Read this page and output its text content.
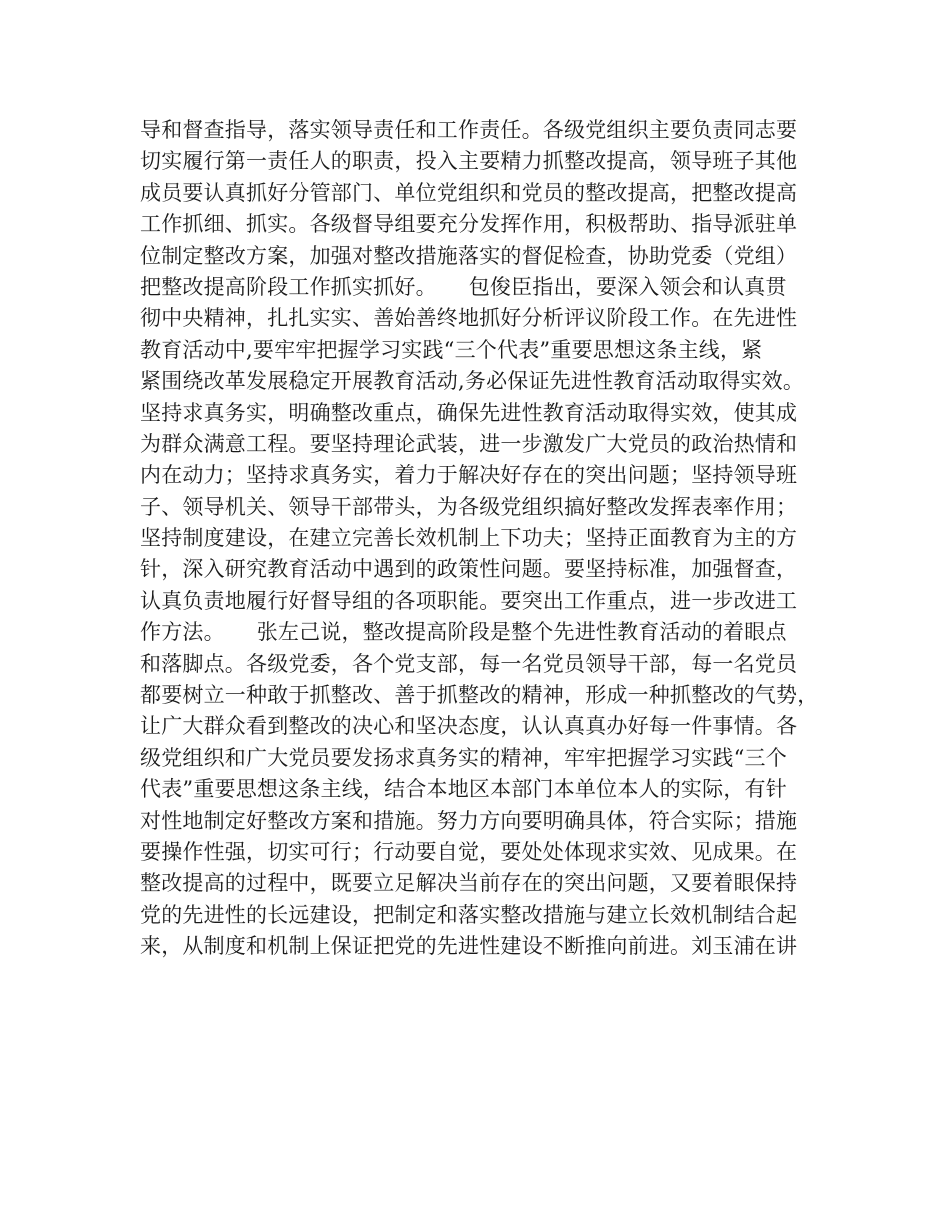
导和督查指导，落实领导责任和工作责任。各级党组织主要负责同志要
切实履行第一责任人的职责，投入主要精力抓整改提高，领导班子其他
成员要认真抓好分管部门、单位党组织和党员的整改提高，把整改提高
工作抓细、抓实。各级督导组要充分发挥作用，积极帮助、指导派驻单
位制定整改方案，加强对整改措施落实的督促检查，协助党委（党组）
把整改提高阶段工作抓实抓好。　　包俊臣指出，要深入领会和认真贯
彻中央精神，扎扎实实、善始善终地抓好分析评议阶段工作。在先进性
教育活动中,要牢牢把握学习实践“三个代表”重要思想这条主线，紧
紧围绕改革发展稳定开展教育活动,务必保证先进性教育活动取得实效。
坚持求真务实，明确整改重点，确保先进性教育活动取得实效，使其成
为群众满意工程。要坚持理论武装，进一步激发广大党员的政治热情和
内在动力；坚持求真务实，着力于解决好存在的突出问题；坚持领导班
子、领导机关、领导干部带头，为各级党组织搞好整改发挥表率作用；
坚持制度建设，在建立完善长效机制上下功夫；坚持正面教育为主的方
针，深入研究教育活动中遇到的政策性问题。要坚持标准，加强督查，
认真负责地履行好督导组的各项职能。要突出工作重点，进一步改进工
作方法。　　张左己说，整改提高阶段是整个先进性教育活动的着眼点
和落脚点。各级党委，各个党支部，每一名党员领导干部，每一名党员
都要树立一种敢于抓整改、善于抓整改的精神，形成一种抓整改的气势，
让广大群众看到整改的决心和坚决态度，认认真真办好每一件事情。各
级党组织和广大党员要发扬求真务实的精神，牢牢把握学习实践“三个
代表”重要思想这条主线，结合本地区本部门本单位本人的实际，有针
对性地制定好整改方案和措施。努力方向要明确具体，符合实际；措施
要操作性强，切实可行；行动要自觉，要处处体现求实效、见成果。在
整改提高的过程中，既要立足解决当前存在的突出问题，又要着眼保持
党的先进性的长远建设，把制定和落实整改措施与建立长效机制结合起
来，从制度和机制上保证把党的先进性建设不断推向前进。刘玉浦在讲
